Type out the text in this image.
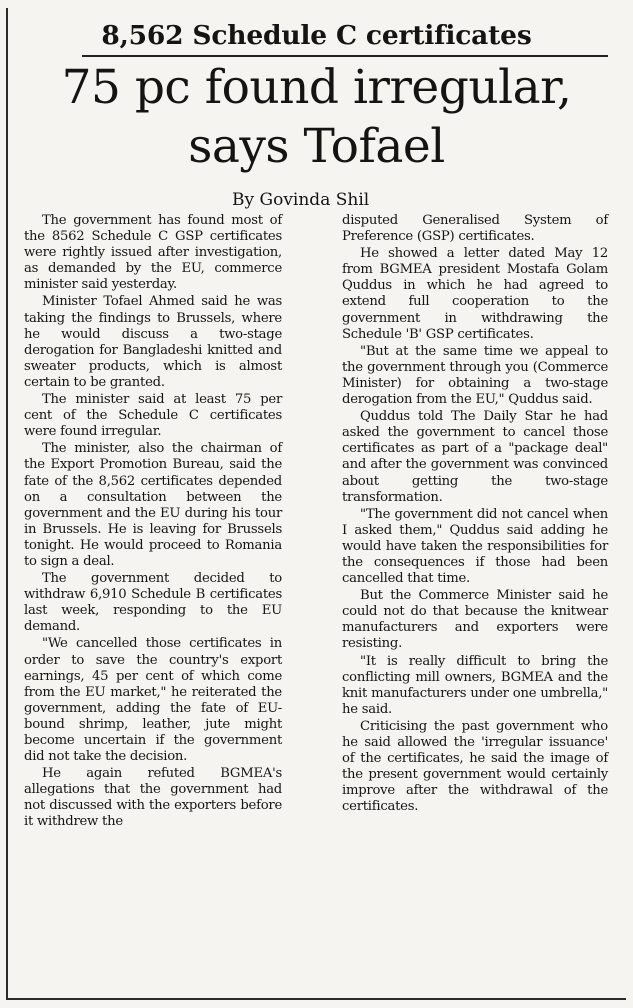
8,562 Schedule C certificates
75 pc found irregular,
says Tofael
By Govinda Shil

The government has found most of the 8562 Schedule C GSP certificates were rightly issued after investigation, as demanded by the EU, commerce minister said yesterday.

Minister Tofael Ahmed said he was taking the findings to Brussels, where he would discuss a two-stage derogation for Bangladeshi knitted and sweater products, which is almost certain to be granted.

The minister said at least 75 per cent of the Schedule C certificates were found irregular.

The minister, also the chairman of the Export Promotion Bureau, said the fate of the 8,562 certificates depended on a consultation between the government and the EU during his tour in Brussels. He is leaving for Brussels tonight. He would proceed to Romania to sign a deal.

The government decided to withdraw 6,910 Schedule B certificates last week, responding to the EU demand.

"We cancelled those certificates in order to save the country's export earnings, 45 per cent of which come from the EU market," he reiterated the government, adding the fate of EU-bound shrimp, leather, jute might become uncertain if the government did not take the decision.

He again refuted BGMEA's allegations that the government had not discussed with the exporters before it withdrew the

disputed Generalised System of Preference (GSP) certificates.

He showed a letter dated May 12 from BGMEA president Mostafa Golam Quddus in which he had agreed to extend full cooperation to the government in withdrawing the Schedule 'B' GSP certificates.

"But at the same time we appeal to the government through you (Commerce Minister) for obtaining a two-stage derogation from the EU," Quddus said.

Quddus told The Daily Star he had asked the government to cancel those certificates as part of a "package deal" and after the government was convinced about getting the two-stage transformation.

"The government did not cancel when I asked them," Quddus said adding he would have taken the responsibilities for the consequences if those had been cancelled that time.

But the Commerce Minister said he could not do that because the knitwear manufacturers and exporters were resisting.

"It is really difficult to bring the conflicting mill owners, BGMEA and the knit manufacturers under one umbrella," he said.

Criticising the past government who he said allowed the 'irregular issuance' of the certificates, he said the image of the present government would certainly improve after the withdrawal of the certificates.
